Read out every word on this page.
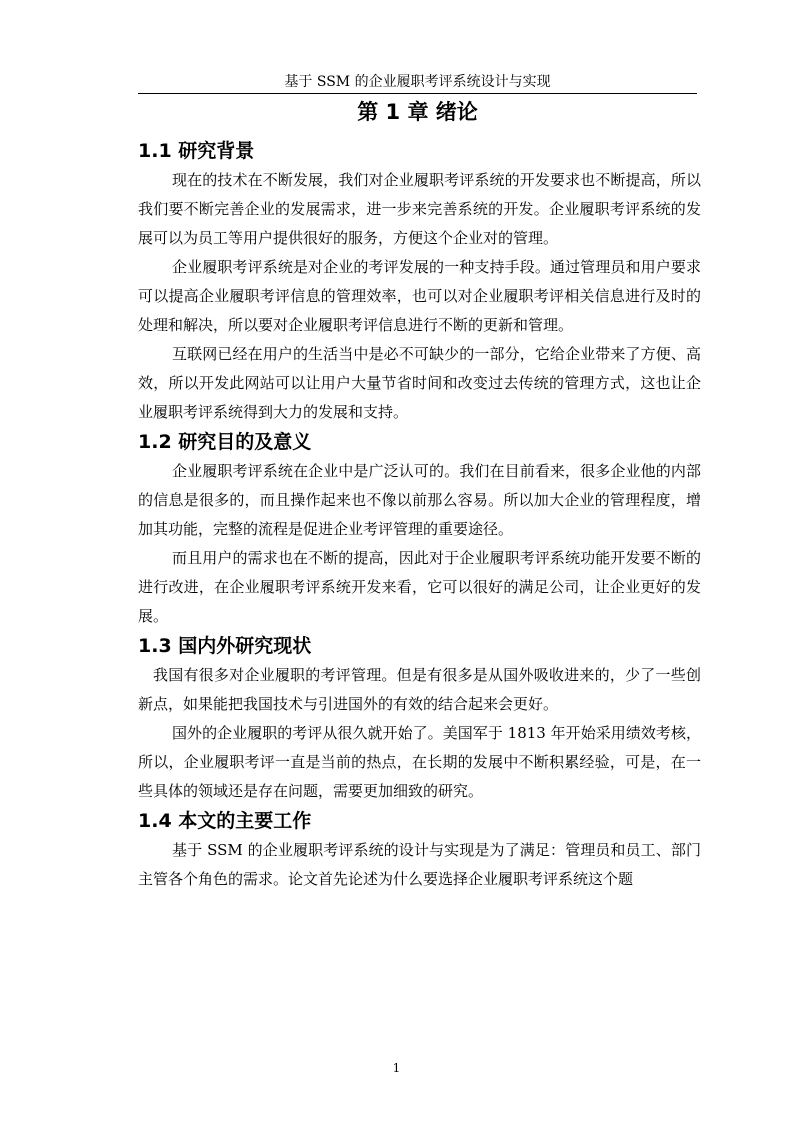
基于 SSM 的企业履职考评系统设计与实现
第 1 章 绪论
1.1 研究背景

现在的技术在不断发展，我们对企业履职考评系统的开发要求也不断提高，所以我们要不断完善企业的发展需求，进一步来完善系统的开发。企业履职考评系统的发展可以为员工等用户提供很好的服务，方便这个企业对的管理。

企业履职考评系统是对企业的考评发展的一种支持手段。通过管理员和用户要求可以提高企业履职考评信息的管理效率，也可以对企业履职考评相关信息进行及时的处理和解决，所以要对企业履职考评信息进行不断的更新和管理。

互联网已经在用户的生活当中是必不可缺少的一部分，它给企业带来了方便、高效，所以开发此网站可以让用户大量节省时间和改变过去传统的管理方式，这也让企业履职考评系统得到大力的发展和支持。

1.2 研究目的及意义

企业履职考评系统在企业中是广泛认可的。我们在目前看来，很多企业他的内部的信息是很多的，而且操作起来也不像以前那么容易。所以加大企业的管理程度，增加其功能，完整的流程是促进企业考评管理的重要途径。

而且用户的需求也在不断的提高，因此对于企业履职考评系统功能开发要不断的进行改进，在企业履职考评系统开发来看，它可以很好的满足公司，让企业更好的发展。

1.3 国内外研究现状

我国有很多对企业履职的考评管理。但是有很多是从国外吸收进来的，少了一些创新点，如果能把我国技术与引进国外的有效的结合起来会更好。

国外的企业履职的考评从很久就开始了。美国军于 1813 年开始采用绩效考核，所以，企业履职考评一直是当前的热点，在长期的发展中不断积累经验，可是，在一些具体的领域还是存在问题，需要更加细致的研究。

1.4 本文的主要工作

基于 SSM 的企业履职考评系统的设计与实现是为了满足：管理员和员工、部门主管各个角色的需求。论文首先论述为什么要选择企业履职考评系统这个题

1
